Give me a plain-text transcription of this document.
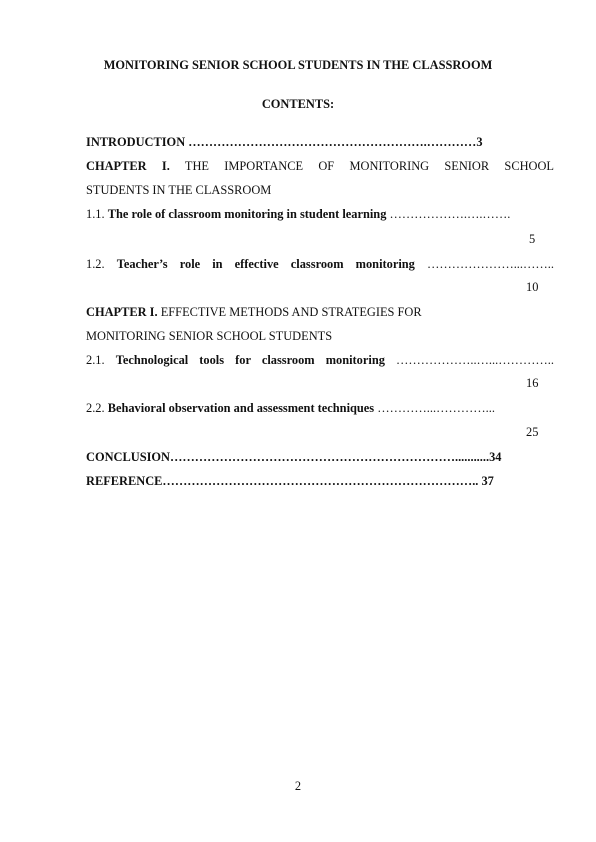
MONITORING SENIOR SCHOOL STUDENTS IN THE CLASSROOM
CONTENTS:
INTRODUCTION ………………………………………………….…………3
CHAPTER I. THE IMPORTANCE OF MONITORING SENIOR SCHOOL
STUDENTS IN THE CLASSROOM
1.1. The role of classroom monitoring in student learning ……………….….…….
5
1.2. Teacher’s role in effective classroom monitoring …………………...……..
10
CHAPTER I. EFFECTIVE METHODS AND STRATEGIES FOR
MONITORING SENIOR SCHOOL STUDENTS
2.1. Technological tools for classroom monitoring ………………..…...…………..
16
2.2. Behavioral observation and assessment techniques …………...…………...
25
CONCLUSION……………………………………………………………...........34
REFERENCE………………………………………………………………….. 37
2
